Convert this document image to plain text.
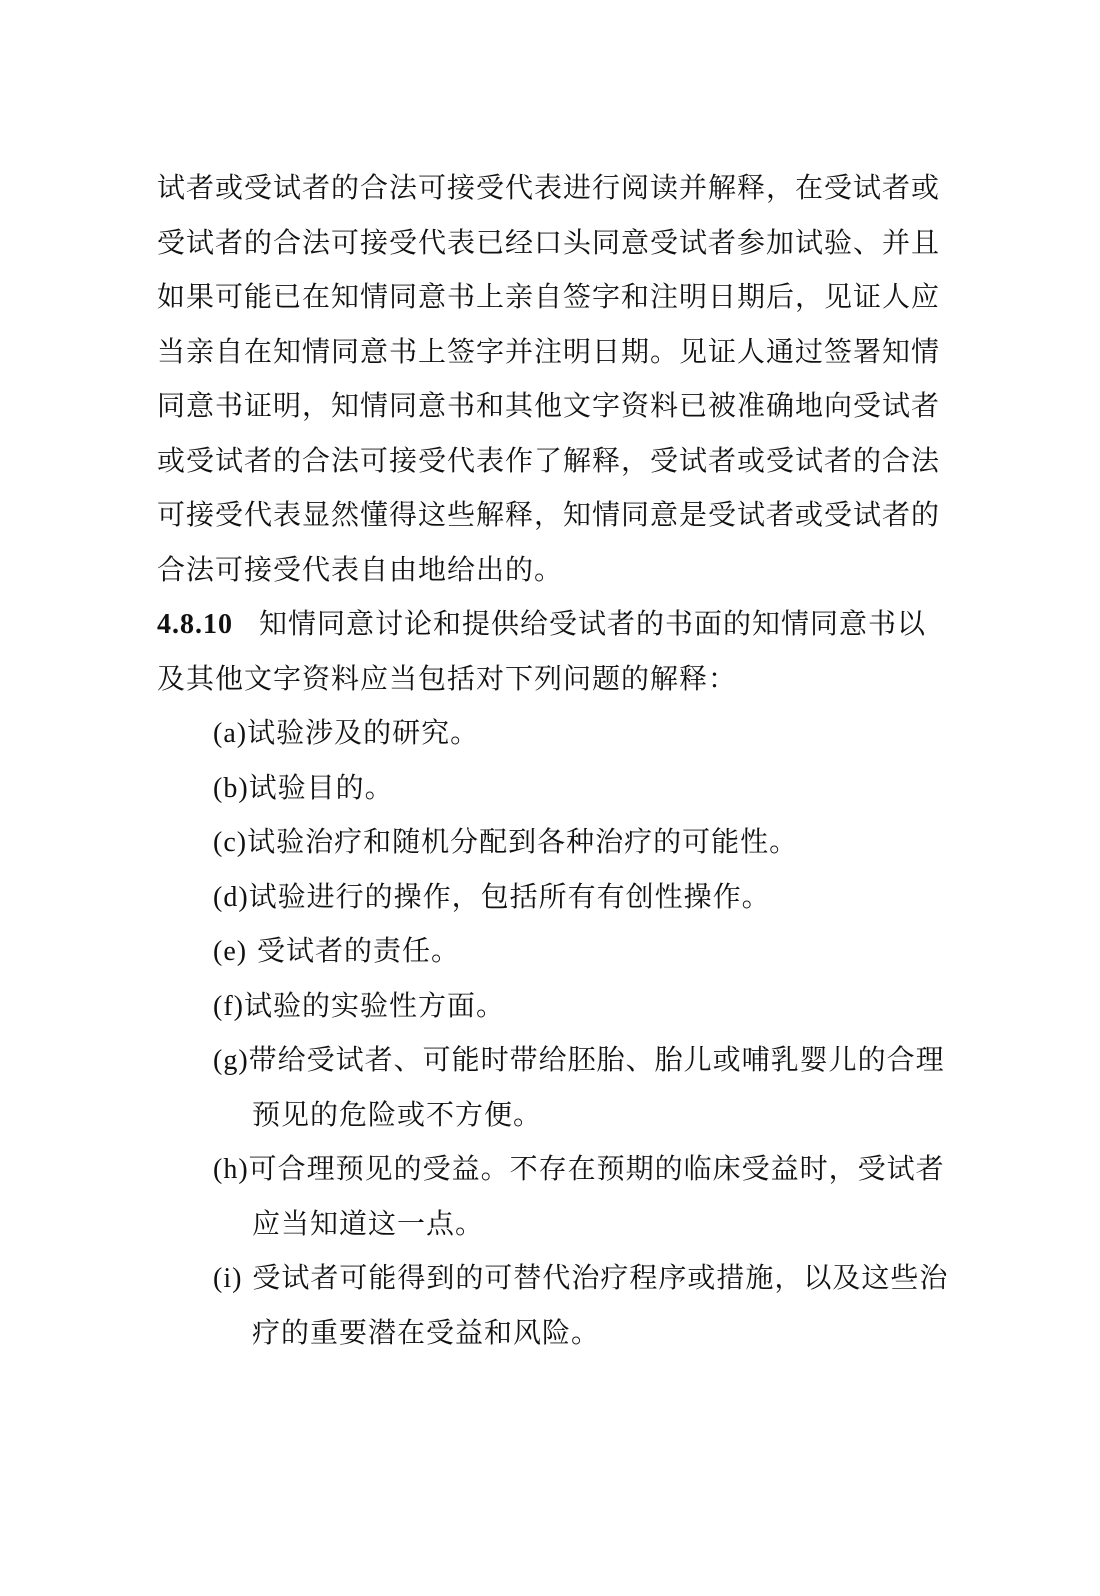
试者或受试者的合法可接受代表进行阅读并解释，在受试者或
受试者的合法可接受代表已经口头同意受试者参加试验、并且
如果可能已在知情同意书上亲自签字和注明日期后，见证人应
当亲自在知情同意书上签字并注明日期。见证人通过签署知情
同意书证明，知情同意书和其他文字资料已被准确地向受试者
或受试者的合法可接受代表作了解释，受试者或受试者的合法
可接受代表显然懂得这些解释，知情同意是受试者或受试者的
合法可接受代表自由地给出的。
4.8.10 知情同意讨论和提供给受试者的书面的知情同意书以
及其他文字资料应当包括对下列问题的解释：
(a)试验涉及的研究。
(b)试验目的。
(c)试验治疗和随机分配到各种治疗的可能性。
(d)试验进行的操作，包括所有有创性操作。
(e) 受试者的责任。
(f)试验的实验性方面。
(g)带给受试者、可能时带给胚胎、胎儿或哺乳婴儿的合理
预见的危险或不方便。
(h)可合理预见的受益。不存在预期的临床受益时，受试者
应当知道这一点。
(i) 受试者可能得到的可替代治疗程序或措施，以及这些治
疗的重要潜在受益和风险。
